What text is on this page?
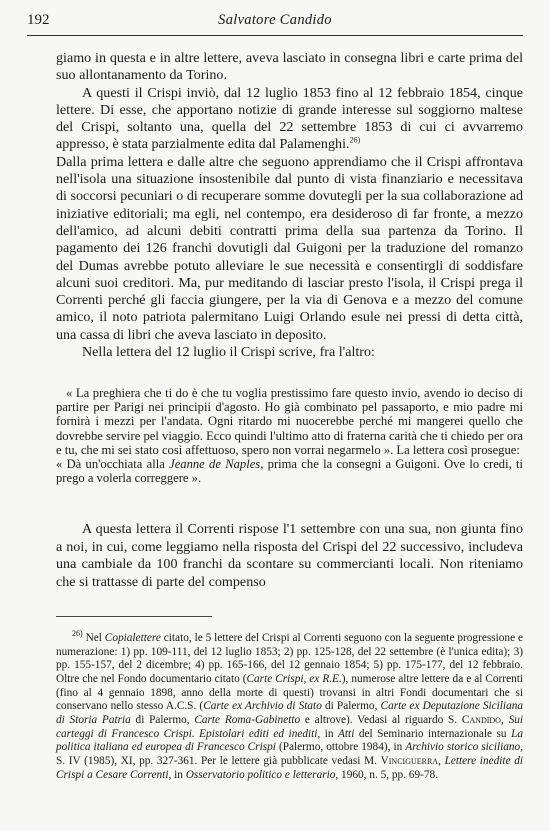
192	Salvatore Candido

giamo in questa e in altre lettere, aveva lasciato in consegna libri e carte prima del suo allontanamento da Torino.

A questi il Crispi inviò, dal 12 luglio 1853 fino al 12 febbraio 1854, cinque lettere. Di esse, che apportano notizie di grande interesse sul soggiorno maltese del Crispi, soltanto una, quella del 22 settembre 1853 di cui ci avvarremo appresso, è stata parzialmente edita dal Palamenghi.$^{26)}$

Dalla prima lettera e dalle altre che seguono apprendiamo che il Crispi affrontava nell'isola una situazione insostenibile dal punto di vista finanziario e necessitava di soccorsi pecuniari o di recuperare somme dovutegli per la sua collaborazione ad iniziative editoriali; ma egli, nel contempo, era desideroso di far fronte, a mezzo dell'amico, ad alcuni debiti contratti prima della sua partenza da Torino. Il pagamento dei 126 franchi dovutigli dal Guigoni per la traduzione del romanzo del Dumas avrebbe potuto alleviare le sue necessità e consentirgli di soddisfare alcuni suoi creditori. Ma, pur meditando di lasciar presto l'isola, il Crispi prega il Correnti perché gli faccia giungere, per la via di Genova e a mezzo del comune amico, il noto patriota palermitano Luigi Orlando esule nei pressi di detta città, una cassa di libri che aveva lasciato in deposito.

Nella lettera del 12 luglio il Crispi scrive, fra l'altro:

« La preghiera che ti do è che tu voglia prestissimo fare questo invio, avendo io deciso di partire per Parigi nei principii d'agosto. Ho già combinato pel passaporto, e mio padre mi fornirà i mezzi per l'andata. Ogni ritardo mi nuocerebbe perché mi mangerei quello che dovrebbe servire pel viaggio. Ecco quindi l'ultimo atto di fraterna carità che ti chiedo per ora e tu, che mi sei stato così affettuoso, spero non vorrai negarmelo ». La lettera così prosegue:

« Dà un'occhiata alla Jeanne de Naples, prima che la consegni a Guigoni. Ove lo credi, ti prego a volerla correggere ».

A questa lettera il Correnti rispose l'1 settembre con una sua, non giunta fino a noi, in cui, come leggiamo nella risposta del Crispi del 22 successivo, includeva una cambiale da 100 franchi da scontare su commercianti locali. Non riteniamo che si trattasse di parte del compenso

$^{26)}$ Nel Copialettere citato, le 5 lettere del Crispi al Correnti seguono con la seguente progressione e numerazione: 1) pp. 109-111, del 12 luglio 1853; 2) pp. 125-128, del 22 settembre (è l'unica edita); 3) pp. 155-157, del 2 dicembre; 4) pp. 165-166, del 12 gennaio 1854; 5) pp. 175-177, del 12 febbraio. Oltre che nel Fondo documentario citato (Carte Crispi, ex R.E.), numerose altre lettere da e al Correnti (fino al 4 gennaio 1898, anno della morte di questi) trovansi in altri Fondi documentari che si conservano nello stesso A.C.S. (Carte ex Archivio di Stato di Palermo, Carte ex Deputazione Siciliana di Storia Patria di Palermo, Carte Roma-Gabinetto e altrove). Vedasi al riguardo S. Candido, Sui carteggi di Francesco Crispi. Epistolari editi ed inediti, in Atti del Seminario internazionale su La politica italiana ed europea di Francesco Crispi (Palermo, ottobre 1984), in Archivio storico siciliano, S. IV (1985), XI, pp. 327-361. Per le lettere già pubblicate vedasi M. Vinciguerra, Lettere inedite di Crispi a Cesare Correnti, in Osservatorio politico e letterario, 1960, n. 5, pp. 69-78.
